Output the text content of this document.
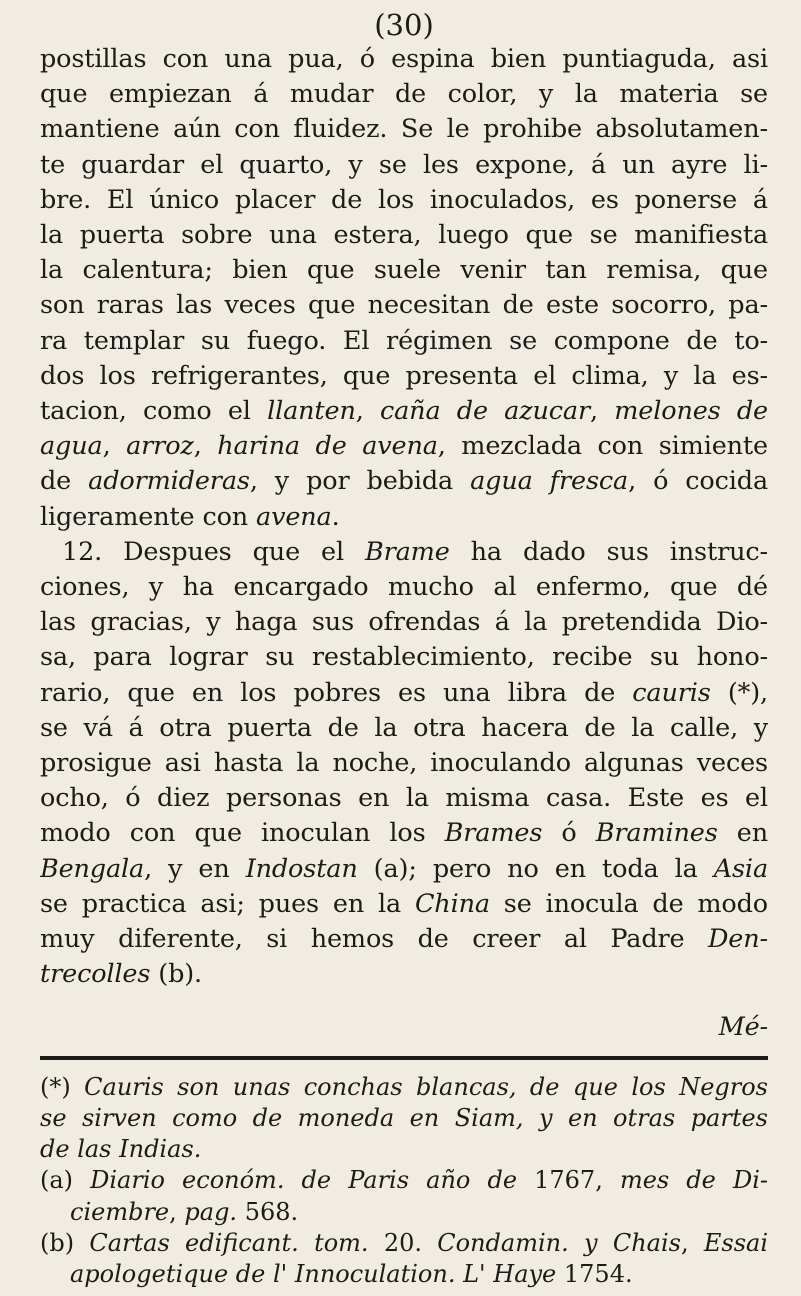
(30)
postillas con una pua, ó espina bien puntiaguda, asi
que empiezan á mudar de color, y la materia se
mantiene aún con fluidez. Se le prohibe absolutamen-
te guardar el quarto, y se les expone, á un ayre li-
bre. El único placer de los inoculados, es ponerse á
la puerta sobre una estera, luego que se manifiesta
la calentura; bien que suele venir tan remisa, que
son raras las veces que necesitan de este socorro, pa-
ra templar su fuego. El régimen se compone de to-
dos los refrigerantes, que presenta el clima, y la es-
tacion, como el llanten, caña de azucar, melones de
agua, arroz, harina de avena, mezclada con simiente
de adormideras, y por bebida agua fresca, ó cocida
ligeramente con avena.
12. Despues que el Brame ha dado sus instruc-
ciones, y ha encargado mucho al enfermo, que dé
las gracias, y haga sus ofrendas á la pretendida Dio-
sa, para lograr su restablecimiento, recibe su hono-
rario, que en los pobres es una libra de cauris (*),
se vá á otra puerta de la otra hacera de la calle, y
prosigue asi hasta la noche, inoculando algunas veces
ocho, ó diez personas en la misma casa. Este es el
modo con que inoculan los Brames ó Bramines en
Bengala, y en Indostan (a); pero no en toda la Asia
se practica asi; pues en la China se inocula de modo
muy diferente, si hemos de creer al Padre Den-
trecolles (b).
Mé-
(*) Cauris son unas conchas blancas, de que los Negros
se sirven como de moneda en Siam, y en otras partes
de las Indias.
(a) Diario económ. de Paris año de 1767, mes de Di-
ciembre, pag. 568.
(b) Cartas edificant. tom. 20. Condamin. y Chais, Essai
apologetique de l' Innoculation. L' Haye 1754.
